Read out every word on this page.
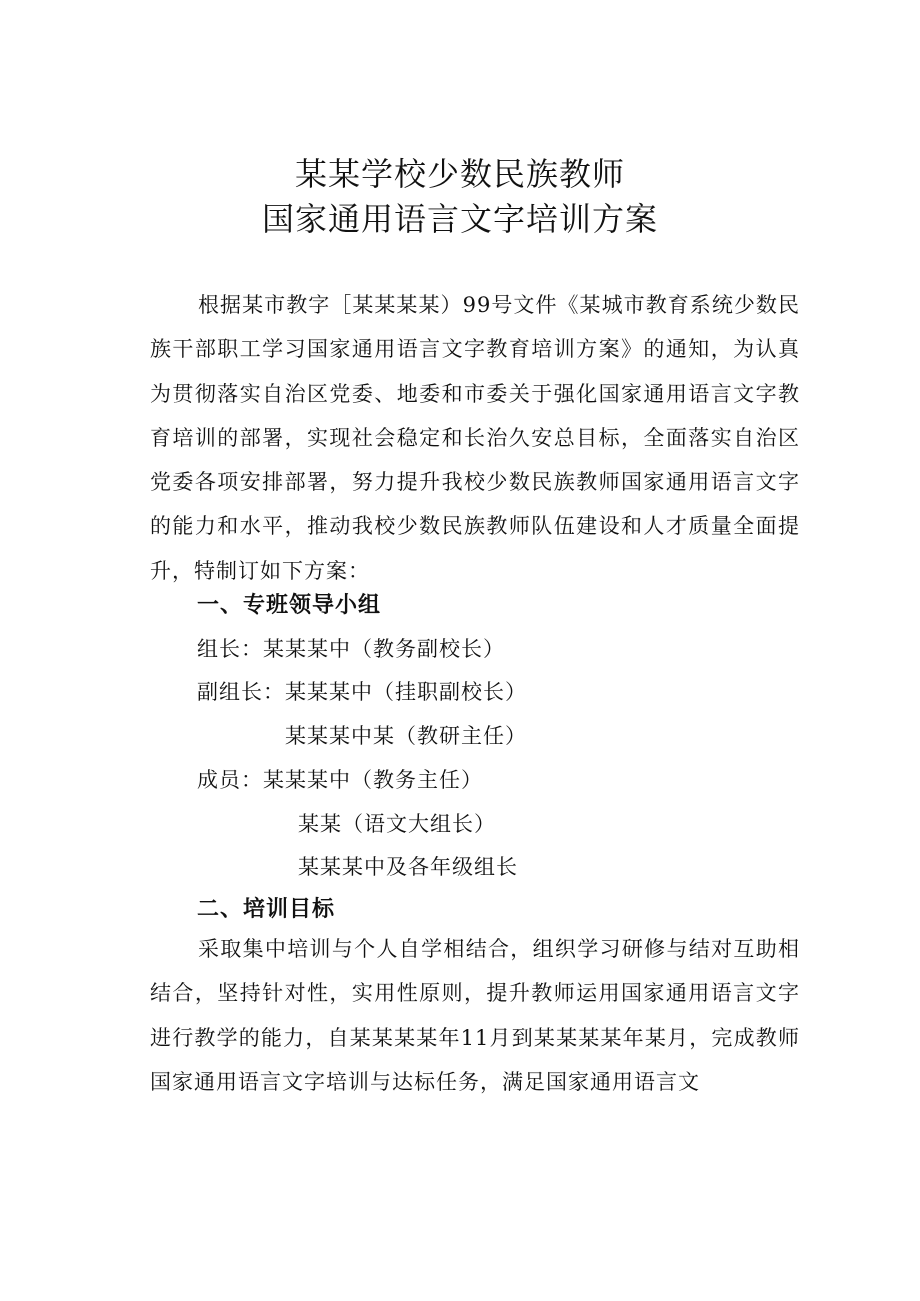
某某学校少数民族教师
国家通用语言文字培训方案

根据某市教字［某某某某）99号文件《某城市教育系统少数民族干部职工学习国家通用语言文字教育培训方案》的通知，为认真为贯彻落实自治区党委、地委和市委关于强化国家通用语言文字教育培训的部署，实现社会稳定和长治久安总目标，全面落实自治区党委各项安排部署，努力提升我校少数民族教师国家通用语言文字的能力和水平，推动我校少数民族教师队伍建设和人才质量全面提升，特制订如下方案：

一、专班领导小组
组长：某某某中（教务副校长）
副组长：某某某中（挂职副校长）
某某某中某（教研主任）
成员：某某某中（教务主任）
某某（语文大组长）
某某某中及各年级组长
二、培训目标

采取集中培训与个人自学相结合，组织学习研修与结对互助相结合，坚持针对性，实用性原则，提升教师运用国家通用语言文字进行教学的能力，自某某某某年11月到某某某某年某月，完成教师国家通用语言文字培训与达标任务，满足国家通用语言文
